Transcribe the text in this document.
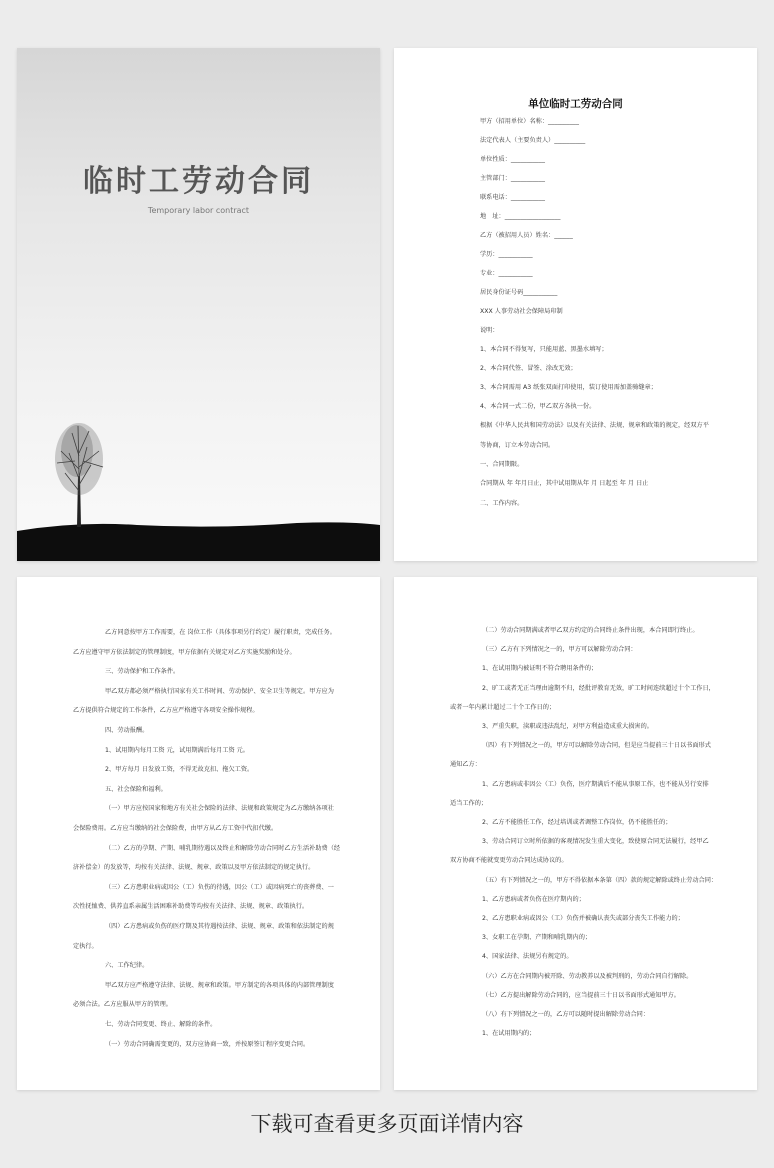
临时工劳动合同
Temporary labor contract
单位临时工劳动合同
甲方（招用单位）名称：__________
法定代表人（主要负责人）__________
单位性质：___________
主管部门：___________
联系电话：___________
地　址：__________________
乙方（被招用人员）姓名：______
学历：___________
专业：___________
居民身份证号码___________
XXX 人事劳动社会保障局印制
说明：
1、本合同不得复写，只能用蓝、黑墨水填写；
2、本合同代签、冒签、涂改无效；
3、本合同需用 A3 纸张双面打印使用，装订使用需加盖骑缝章；
4、本合同一式二份，甲乙双方各执一份。
根据《中华人民共和国劳动法》以及有关法律、法规、规章和政策的规定，经双方平
等协商，订立本劳动合同。
一、合同期限。
合同期从 年 年月日止，其中试用期从年 月 日起至 年 月 日止
二、工作内容。
乙方同意按甲方工作需要，在 岗位工作（具体事项另行约定）履行职责，完成任务。
乙方应遵守甲方依法制定的管理制度，甲方依据有关规定对乙方实施奖励和处分。
三、劳动保护和工作条件。
甲乙双方都必须严格执行国家有关工作时间、劳动保护、安全卫生等规定。甲方应为
乙方提供符合规定的工作条件，乙方应严格遵守各项安全操作规程。
四、劳动报酬。
1、试用期内每月工资 元，试用期满后每月工资 元。
2、甲方每月 日发放工资，不得无故克扣、拖欠工资。
五、社会保险和福利。
（一）甲方应按国家和地方有关社会保险的法律、法规和政策规定为乙方缴纳各项社
会保险费用。乙方应当缴纳的社会保险费，由甲方从乙方工资中代扣代缴。
（二）乙方的孕期、产期、哺乳期待遇以及终止和解除劳动合同时乙方生活补助费（经
济补偿金）的发放等，均按有关法律、法规、规章、政策以及甲方依法制定的规定执行。
（三）乙方患职业病或因公（工）负伤的待遇，因公（工）或因病死亡的丧葬费、一
次性抚恤费、供养直系亲属生活困难补助费等均按有关法律、法规、规章、政策执行。
（四）乙方患病或负伤的医疗期及其待遇按法律、法规、规章、政策和依法制定的规
定执行。
六、工作纪律。
甲乙双方应严格遵守法律、法规、规章和政策。甲方制定的各项具体的内部管理制度
必须合法。乙方应服从甲方的管理。
七、劳动合同变更、终止、解除的条件。
（一）劳动合同确需变更的，双方应协商一致，并按原签订程序变更合同。
（二）劳动合同期满或者甲乙双方约定的合同终止条件出现，本合同即行终止。
（三）乙方有下列情况之一的，甲方可以解除劳动合同：
1、在试用期内被证明不符合聘用条件的；
2、旷工或者无正当理由逾期不归，经批评教育无效，旷工时间连续超过十个工作日，
或者一年内累计超过二十个工作日的；
3、严重失职，渎职或违法乱纪，对甲方利益造成重大损害的。
（四）有下列情况之一的，甲方可以解除劳动合同，但是应当提前三十日以书面形式
通知乙方：
1、乙方患病或非因公（工）负伤，医疗期满后不能从事原工作，也不能从另行安排
适当工作的；
2、乙方不能胜任工作，经过培训或者调整工作岗位，仍不能胜任的；
3、劳动合同订立时所依据的客观情况发生重大变化，致使原合同无法履行，经甲乙
双方协商不能就变更劳动合同达成协议的。
（五）有下列情况之一的，甲方不得依据本条第（四）款的规定解除或终止劳动合同：
1、乙方患病或者负伤在医疗期内的；
2、乙方患职业病或因公（工）负伤并被确认丧失或部分丧失工作能力的；
3、女职工在孕期、产期和哺乳期内的；
4、国家法律、法规另有规定的。
（六）乙方在合同期内被开除、劳动教养以及被判刑的，劳动合同自行解除。
（七）乙方提出解除劳动合同的，应当提前三十日以书面形式通知甲方。
（八）有下列情况之一的，乙方可以随时提出解除劳动合同：
1、在试用期内的；
下载可查看更多页面详情内容
